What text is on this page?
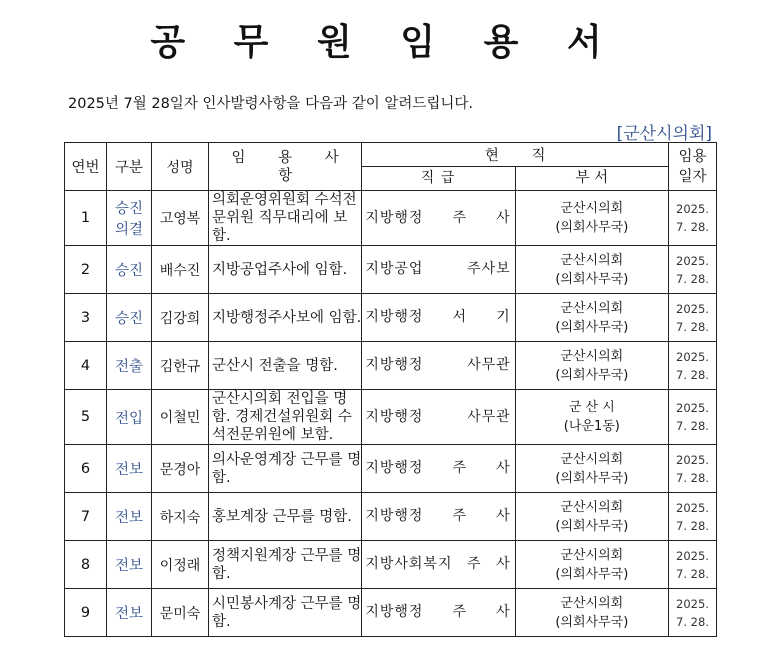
공 무 원 임 용 서
2025년 7월 28일자 인사발령사항을 다음과 같이 알려드립니다.
[군산시의회]
연번	구분	성명	임 용 사 항	현 직		임용
일자

				직 급	부 서	
1	승진 의결	고영복	의회운영위원회 수석전문위원 직무대리에 보함.	지방행정 주 사	군산시의회
(의회사무국)	2025.
7. 28.

2	승진	배수진	지방공업주사에 임함.	지방공업 주사보	군산시의회
(의회사무국)	2025.
7. 28.

3	승진	김강희	지방행정주사보에 임함.	지방행정 서 기	군산시의회
(의회사무국)	2025.
7. 28.

4	전출	김한규	군산시 전출을 명함.	지방행정 사무관	군산시의회
(의회사무국)	2025.
7. 28.

5	전입	이철민	군산시의회 전입을 명함. 경제건설위원회 수석전문위원에 보함.	지방행정 사무관	군 산 시
(나운1동)	2025.
7. 28.

6	전보	문경아	의사운영계장 근무를 명함.	지방행정 주 사	군산시의회
(의회사무국)	2025.
7. 28.

7	전보	하지숙	홍보계장 근무를 명함.	지방행정 주 사	군산시의회
(의회사무국)	2025.
7. 28.

8	전보	이정래	정책지원계장 근무를 명함.	지방사회복지 주 사	군산시의회
(의회사무국)	2025.
7. 28.

9	전보	문미숙	시민봉사계장 근무를 명함.	지방행정 주 사	군산시의회
(의회사무국)	2025.
7. 28.
